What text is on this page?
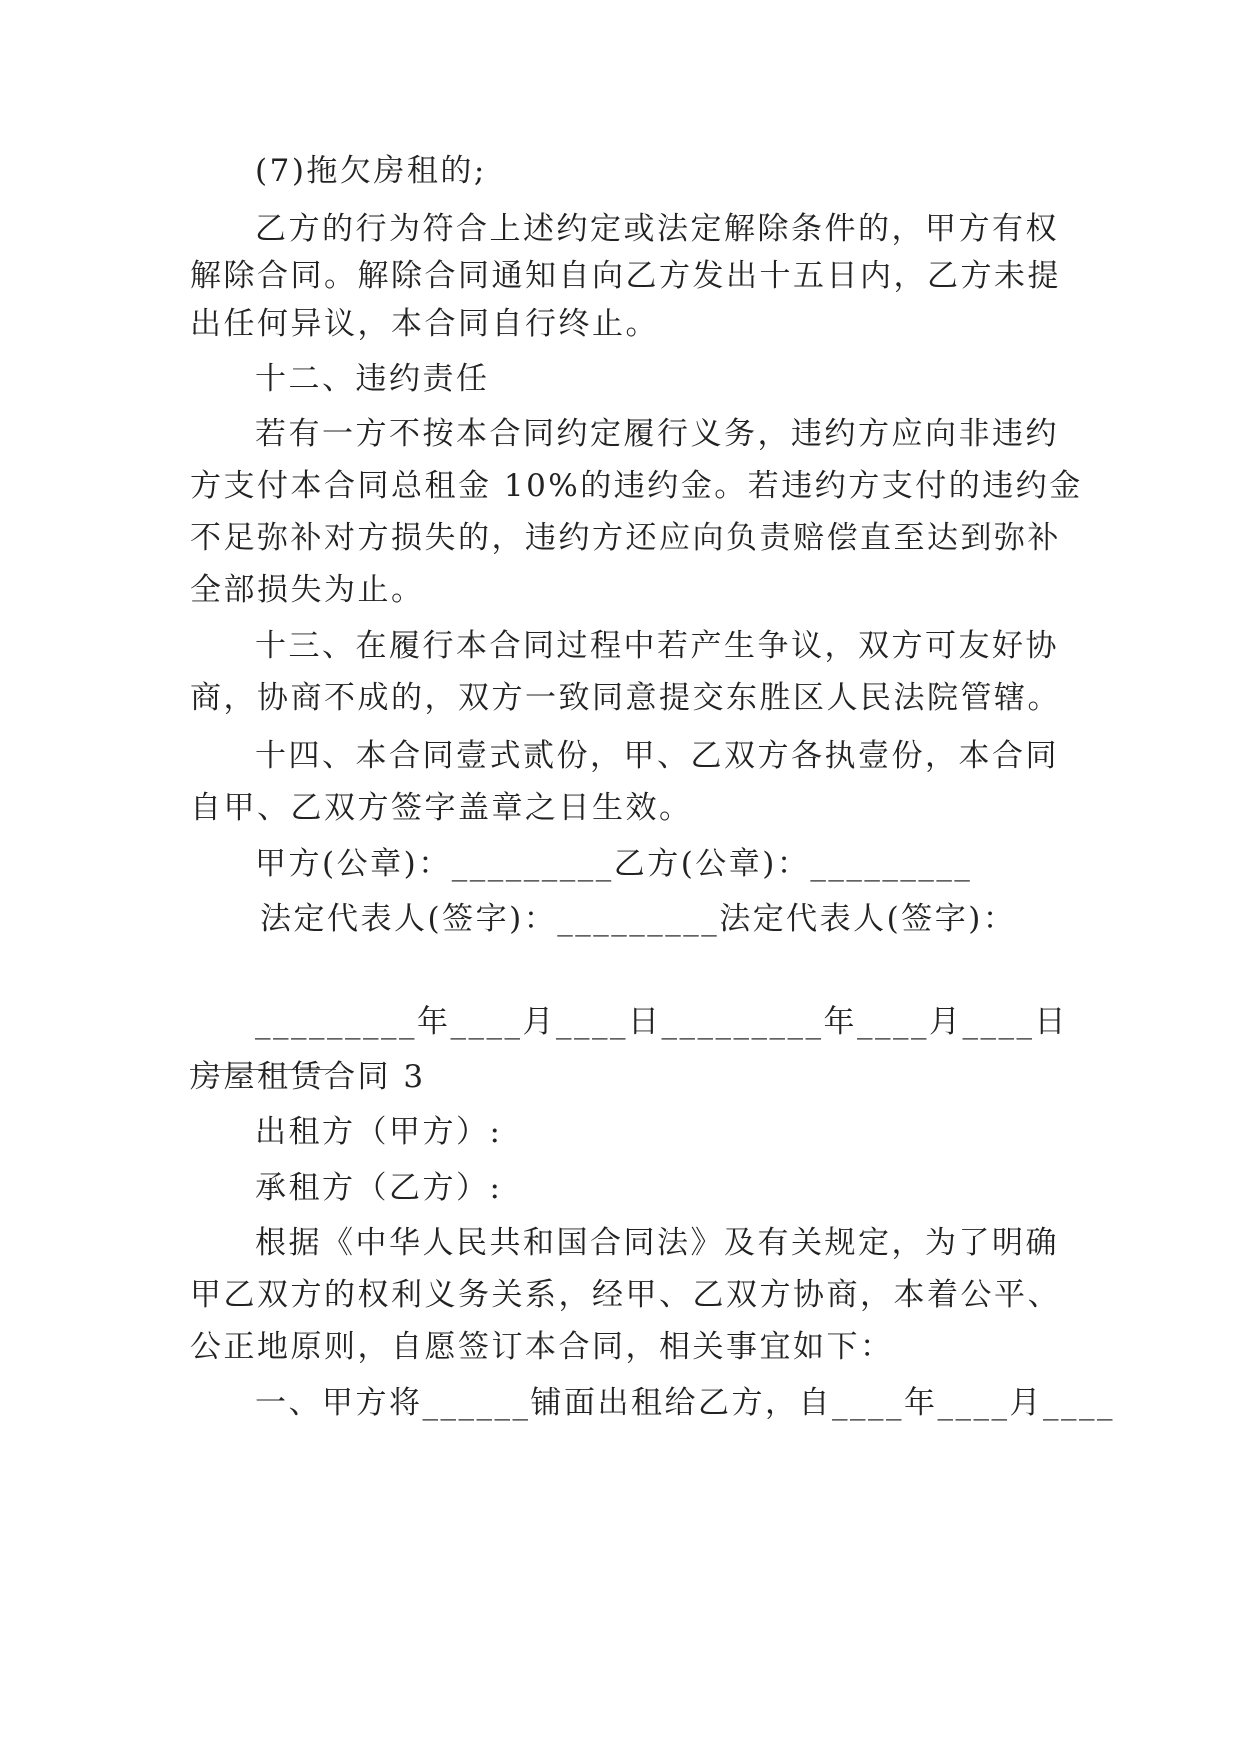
(7)拖欠房租的;
乙方的行为符合上述约定或法定解除条件的，甲方有权
解除合同。解除合同通知自向乙方发出十五日内，乙方未提
出任何异议，本合同自行终止。
十二、违约责任
若有一方不按本合同约定履行义务，违约方应向非违约
方支付本合同总租金 10%的违约金。若违约方支付的违约金
不足弥补对方损失的，违约方还应向负责赔偿直至达到弥补
全部损失为止。
十三、在履行本合同过程中若产生争议，双方可友好协
商，协商不成的，双方一致同意提交东胜区人民法院管辖。
十四、本合同壹式贰份，甲、乙双方各执壹份，本合同
自甲、乙双方签字盖章之日生效。
甲方(公章)：_________乙方(公章)：_________
法定代表人(签字)：_________法定代表人(签字)：
_________年____月____日_________年____月____日
房屋租赁合同 3
出租方（甲方）:
承租方（乙方）:
根据《中华人民共和国合同法》及有关规定，为了明确
甲乙双方的权利义务关系，经甲、乙双方协商，本着公平、
公正地原则，自愿签订本合同，相关事宜如下：
一、甲方将______铺面出租给乙方，自____年____月____
